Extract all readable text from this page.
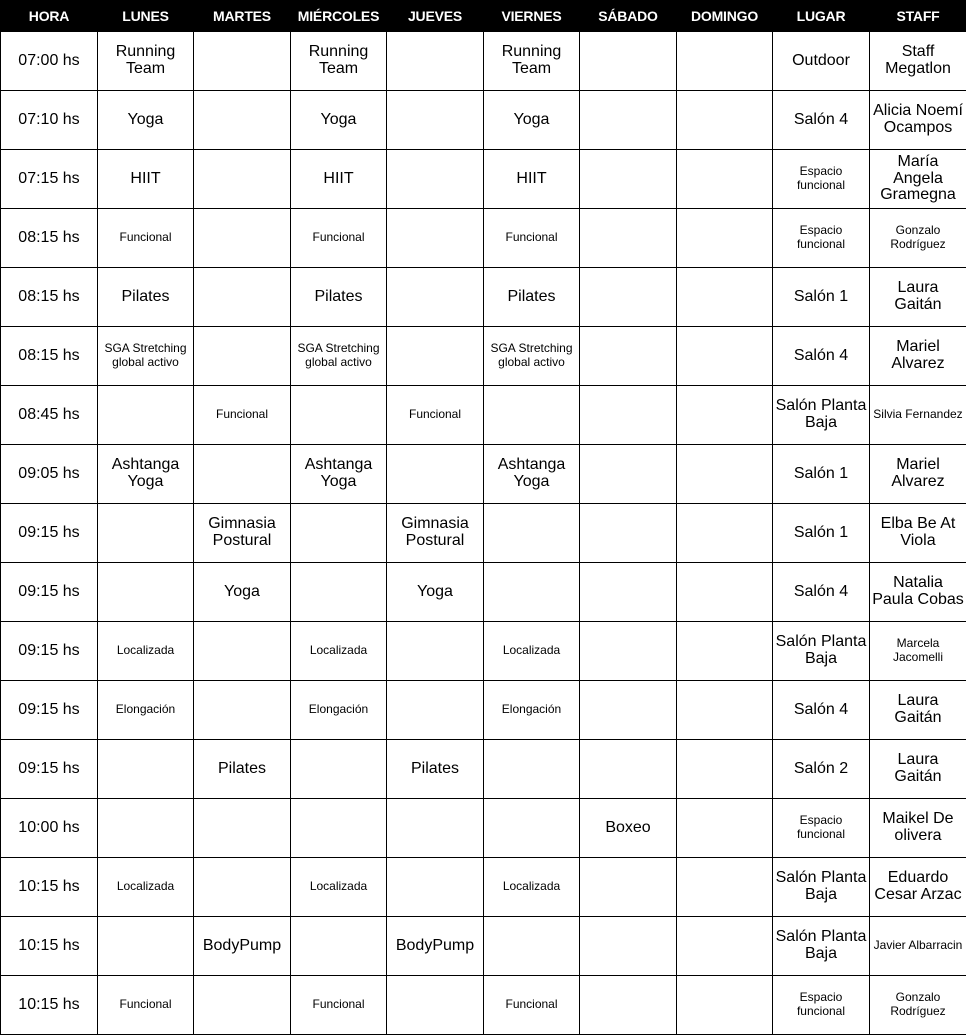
HORA	LUNES	MARTES	MIÉRCOLES	JUEVES	VIERNES	SÁBADO	DOMINGO	LUGAR	STAFF
07:00 hs	Running Team		Running Team		Running Team			Outdoor	Staff Megatlon
07:10 hs	Yoga		Yoga		Yoga			Salón 4	Alicia Noemí Ocampos
07:15 hs	HIIT		HIIT		HIIT			Espacio funcional	María Angela Gramegna
08:15 hs	Funcional		Funcional		Funcional			Espacio funcional	Gonzalo Rodríguez
08:15 hs	Pilates		Pilates		Pilates			Salón 1	Laura Gaitán
08:15 hs	SGA Stretching global activo		SGA Stretching global activo		SGA Stretching global activo			Salón 4	Mariel Alvarez
08:45 hs		Funcional		Funcional				Salón Planta Baja	Silvia Fernandez
09:05 hs	Ashtanga Yoga		Ashtanga Yoga		Ashtanga Yoga			Salón 1	Mariel Alvarez
09:15 hs		Gimnasia Postural		Gimnasia Postural				Salón 1	Elba Be At Viola
09:15 hs		Yoga		Yoga				Salón 4	Natalia Paula Cobas
09:15 hs	Localizada		Localizada		Localizada			Salón Planta Baja	Marcela Jacomelli
09:15 hs	Elongación		Elongación		Elongación			Salón 4	Laura Gaitán
09:15 hs		Pilates		Pilates				Salón 2	Laura Gaitán
10:00 hs						Boxeo		Espacio funcional	Maikel De olivera
10:15 hs	Localizada		Localizada		Localizada			Salón Planta Baja	Eduardo Cesar Arzac
10:15 hs		BodyPump		BodyPump				Salón Planta Baja	Javier Albarracin
10:15 hs	Funcional		Funcional		Funcional			Espacio funcional	Gonzalo Rodríguez
